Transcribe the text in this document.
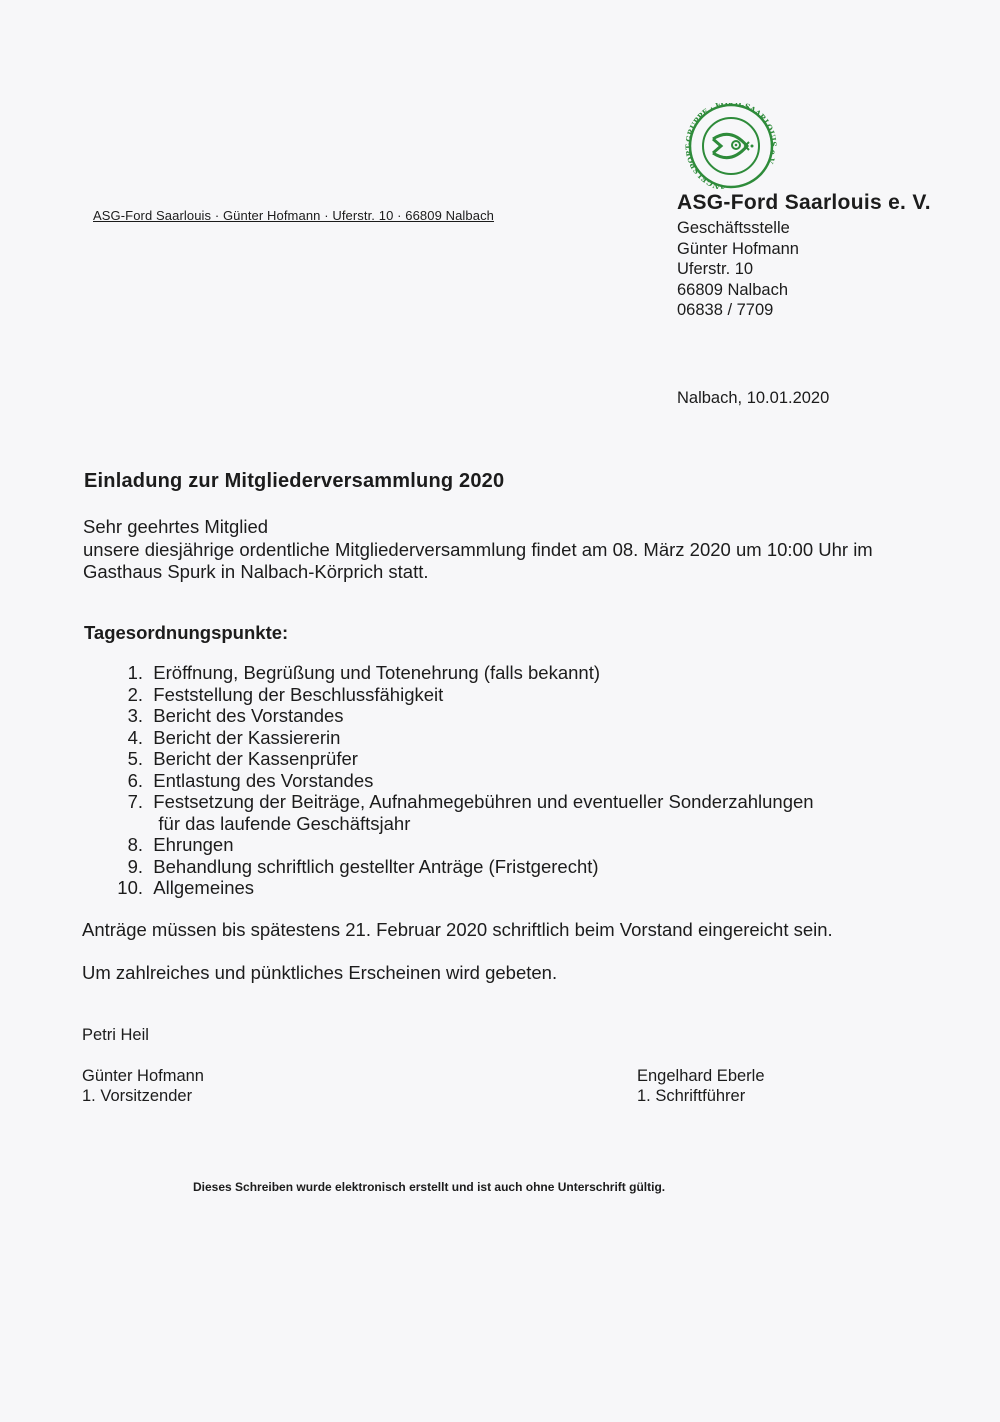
ASG-Ford Saarlouis · Günter Hofmann · Uferstr. 10 · 66809 Nalbach

ANGELSPORT-GRUPPE · FORD-SAARLOUIS e.V.
ASG-Ford Saarlouis e. V.
Geschäftsstelle
Günter Hofmann
Uferstr. 10
66809 Nalbach
06838 / 7709

Nalbach, 10.01.2020

Einladung zur Mitgliederversammlung 2020
Sehr geehrtes Mitglied
unsere diesjährige ordentliche Mitgliederversammlung findet am 08. März 2020 um 10:00 Uhr im
Gasthaus Spurk in Nalbach-Körprich statt.
Tagesordnungspunkte:
1.
Eröffnung, Begrüßung und Totenehrung (falls bekannt)
2.
Feststellung der Beschlussfähigkeit
3.
Bericht des Vorstandes
4.
Bericht der Kassiererin
5.
Bericht der Kassenprüfer
6.
Entlastung des Vorstandes
7.
Festsetzung der Beiträge, Aufnahmegebühren und eventueller Sonderzahlungen

für das laufende Geschäftsjahr
8.
Ehrungen
9.
Behandlung schriftlich gestellter Anträge (Fristgerecht)
10.
Allgemeines

Anträge müssen bis spätestens 21. Februar 2020 schriftlich beim Vorstand eingereicht sein.

Um zahlreiches und pünktliches Erscheinen wird gebeten.

Petri Heil

Günter Hofmann
1. Vorsitzender
Engelhard Eberle
1. Schriftführer

Dieses Schreiben wurde elektronisch erstellt und ist auch ohne Unterschrift gültig.
